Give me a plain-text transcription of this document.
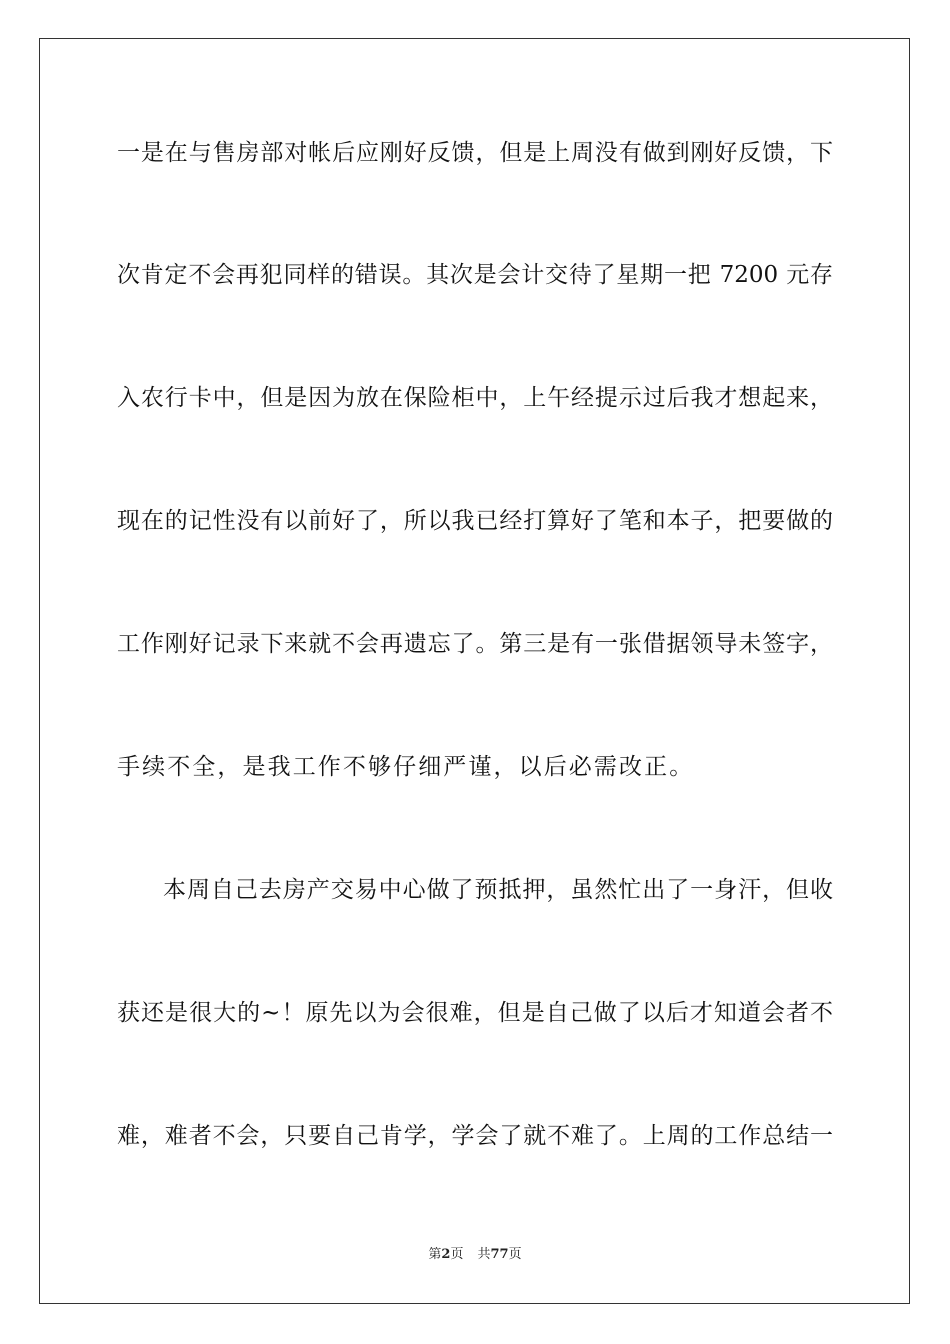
一是在与售房部对帐后应刚好反馈，但是上周没有做到刚好反馈，下
次肯定不会再犯同样的错误。其次是会计交待了星期一把 7200 元存
入农行卡中，但是因为放在保险柜中，上午经提示过后我才想起来，
现在的记性没有以前好了，所以我已经打算好了笔和本子，把要做的
工作刚好记录下来就不会再遗忘了。第三是有一张借据领导未签字，
手续不全，是我工作不够仔细严谨，以后必需改正。
本周自己去房产交易中心做了预抵押，虽然忙出了一身汗，但收
获还是很大的~！原先以为会很难，但是自己做了以后才知道会者不
难，难者不会，只要自己肯学，学会了就不难了。上周的工作总结一
第2页 共77页
